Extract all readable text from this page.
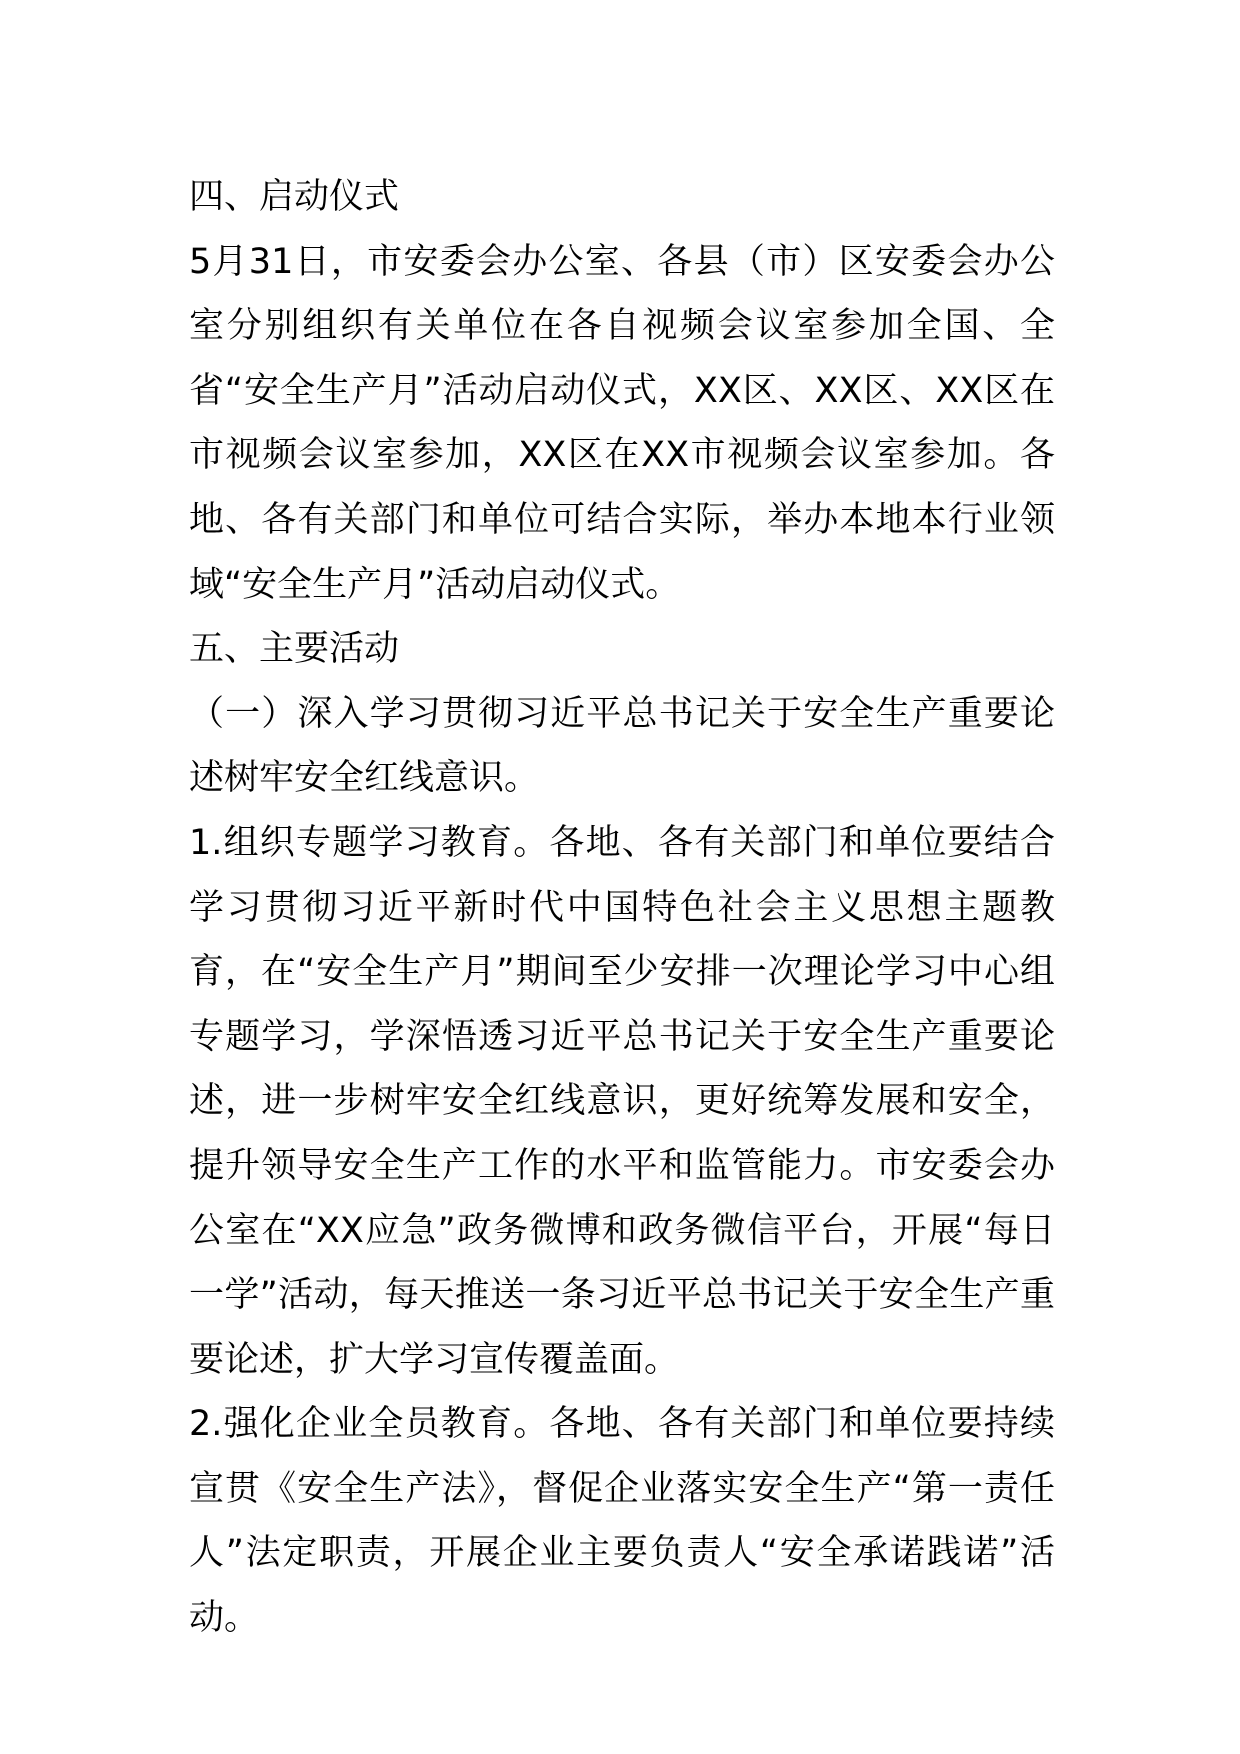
四、启动仪式

5月31日，市安委会办公室、各县（市）区安委会办公室分别组织有关单位在各自视频会议室参加全国、全省“安全生产月”活动启动仪式，XX区、XX区、XX区在市视频会议室参加，XX区在XX市视频会议室参加。各地、各有关部门和单位可结合实际，举办本地本行业领域“安全生产月”活动启动仪式。

五、主要活动

（一）深入学习贯彻习近平总书记关于安全生产重要论述树牢安全红线意识。

1.组织专题学习教育。各地、各有关部门和单位要结合学习贯彻习近平新时代中国特色社会主义思想主题教育，在“安全生产月”期间至少安排一次理论学习中心组专题学习，学深悟透习近平总书记关于安全生产重要论述，进一步树牢安全红线意识，更好统筹发展和安全，提升领导安全生产工作的水平和监管能力。市安委会办公室在“XX应急”政务微博和政务微信平台，开展“每日一学”活动，每天推送一条习近平总书记关于安全生产重要论述，扩大学习宣传覆盖面。

2.强化企业全员教育。各地、各有关部门和单位要持续宣贯《安全生产法》，督促企业落实安全生产“第一责任人”法定职责，开展企业主要负责人“安全承诺践诺”活动。
